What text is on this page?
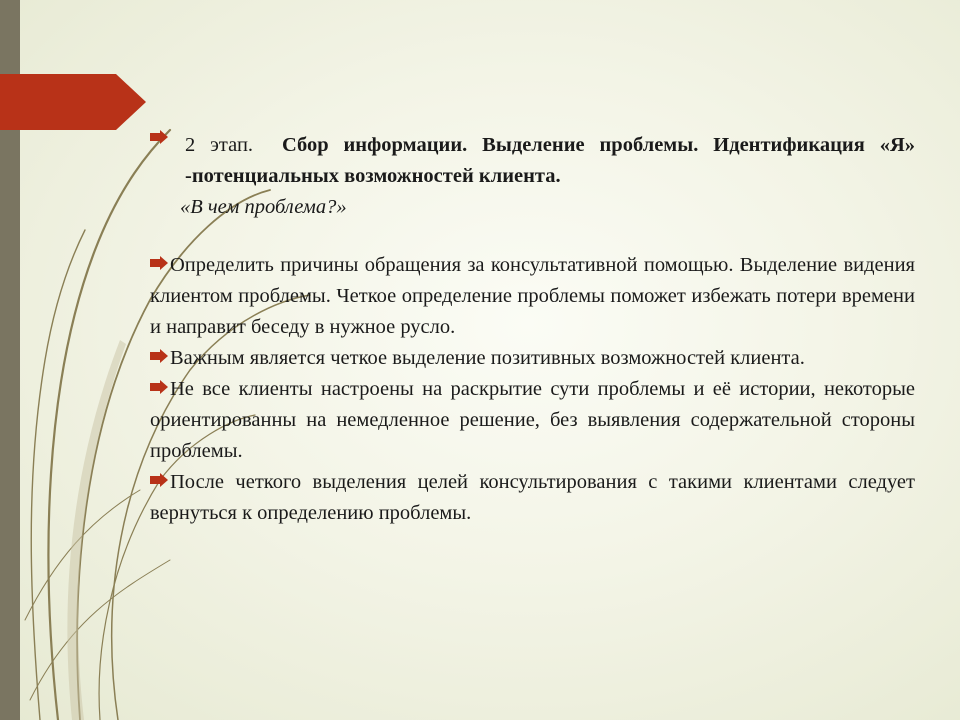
2 этап. Сбор информации. Выделение проблемы. Идентификация «Я» -потенциальных возможностей клиента.
«В чем проблема?»

Определить причины обращения за консультативной помощью. Выделение видения клиентом проблемы. Четкое определение проблемы поможет избежать потери времени и направит беседу в нужное русло.

Важным является четкое выделение позитивных возможностей клиента.

Не все клиенты настроены на раскрытие сути проблемы и её истории, некоторые ориентированны на немедленное решение, без выявления содержательной стороны проблемы.

После четкого выделения целей консультирования с такими клиентами следует вернуться к определению проблемы.
